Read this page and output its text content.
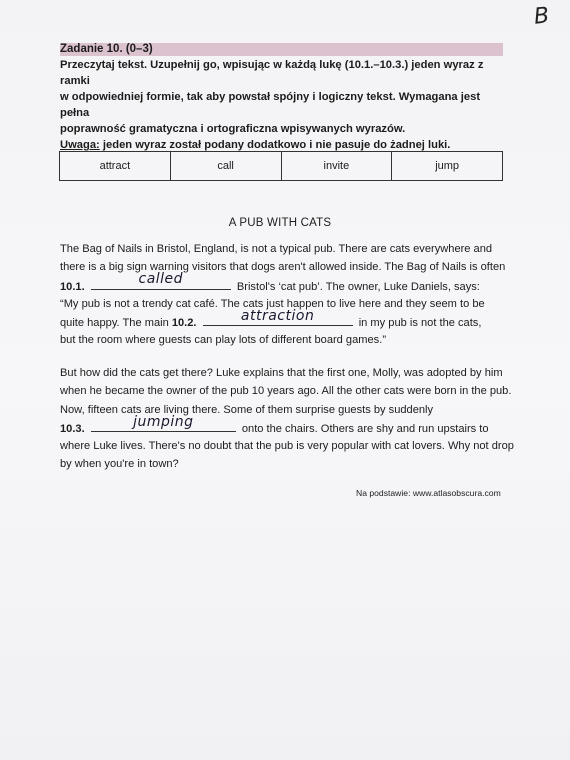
B
Zadanie 10. (0–3)
Przeczytaj tekst. Uzupełnij go, wpisując w każdą lukę (10.1.–10.3.) jeden wyraz z ramki
w odpowiedniej formie, tak aby powstał spójny i logiczny tekst. Wymagana jest pełna
poprawność gramatyczna i ortograficzna wpisywanych wyrazów.
Uwaga: jeden wyraz został podany dodatkowo i nie pasuje do żadnej luki.
attract	call	invite	jump
A PUB WITH CATS
The Bag of Nails in Bristol, England, is not a typical pub. There are cats everywhere and
there is a big sign warning visitors that dogs aren't allowed inside. The Bag of Nails is often
10.1.	called	Bristol's ‘cat pub’. The owner, Luke Daniels, says:
“My pub is not a trendy cat café. The cats just happen to live here and they seem to be
quite happy. The main 10.2.	attraction	in my pub is not the cats,
but the room where guests can play lots of different board games.”
But how did the cats get there? Luke explains that the first one, Molly, was adopted by him
when he became the owner of the pub 10 years ago. All the other cats were born in the pub.
Now, fifteen cats are living there. Some of them surprise guests by suddenly
10.3.	jumping	onto the chairs. Others are shy and run upstairs to
where Luke lives. There's no doubt that the pub is very popular with cat lovers. Why not drop
by when you're in town?
Na podstawie: www.atlasobscura.com
